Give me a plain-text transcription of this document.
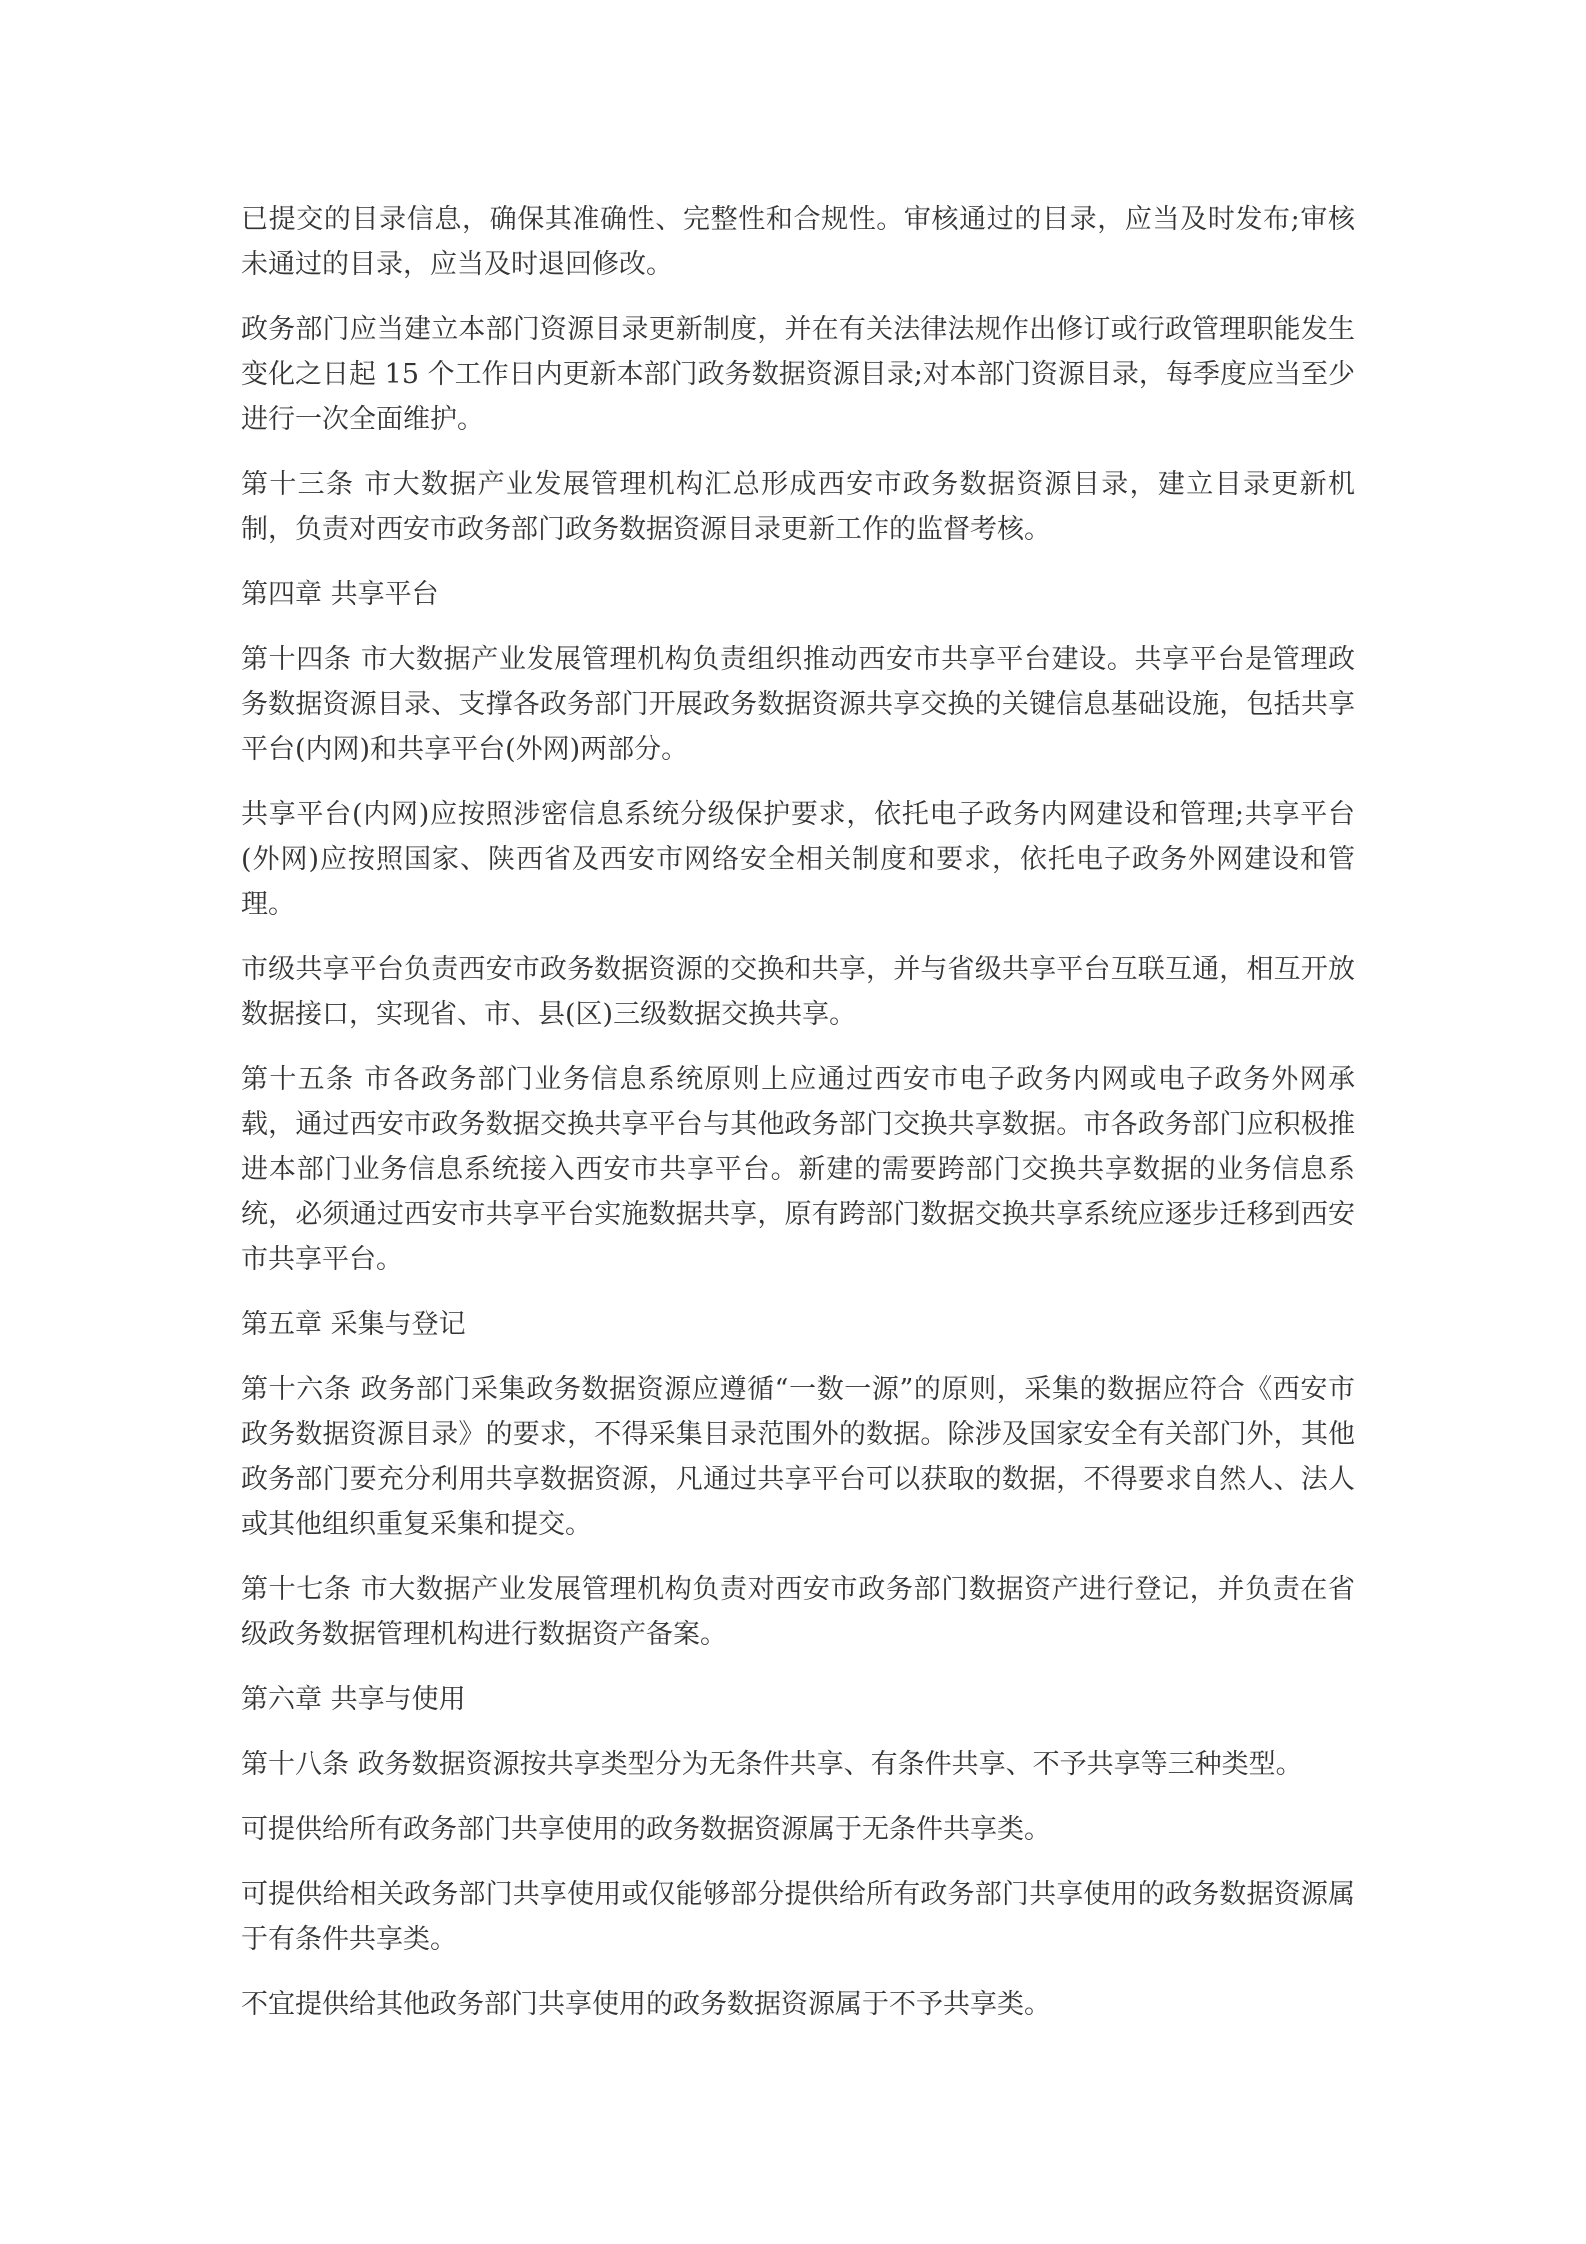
已提交的目录信息，确保其准确性、完整性和合规性。审核通过的目录，应当及时发布;审核未通过的目录，应当及时退回修改。

政务部门应当建立本部门资源目录更新制度，并在有关法律法规作出修订或行政管理职能发生变化之日起 15 个工作日内更新本部门政务数据资源目录;对本部门资源目录，每季度应当至少进行一次全面维护。

第十三条 市大数据产业发展管理机构汇总形成西安市政务数据资源目录，建立目录更新机制，负责对西安市政务部门政务数据资源目录更新工作的监督考核。

第四章 共享平台

第十四条 市大数据产业发展管理机构负责组织推动西安市共享平台建设。共享平台是管理政务数据资源目录、支撑各政务部门开展政务数据资源共享交换的关键信息基础设施，包括共享平台(内网)和共享平台(外网)两部分。

共享平台(内网)应按照涉密信息系统分级保护要求，依托电子政务内网建设和管理;共享平台(外网)应按照国家、陕西省及西安市网络安全相关制度和要求，依托电子政务外网建设和管理。

市级共享平台负责西安市政务数据资源的交换和共享，并与省级共享平台互联互通，相互开放数据接口，实现省、市、县(区)三级数据交换共享。

第十五条 市各政务部门业务信息系统原则上应通过西安市电子政务内网或电子政务外网承载，通过西安市政务数据交换共享平台与其他政务部门交换共享数据。市各政务部门应积极推进本部门业务信息系统接入西安市共享平台。新建的需要跨部门交换共享数据的业务信息系统，必须通过西安市共享平台实施数据共享，原有跨部门数据交换共享系统应逐步迁移到西安市共享平台。

第五章 采集与登记

第十六条 政务部门采集政务数据资源应遵循“一数一源”的原则，采集的数据应符合《西安市政务数据资源目录》的要求，不得采集目录范围外的数据。除涉及国家安全有关部门外，其他政务部门要充分利用共享数据资源，凡通过共享平台可以获取的数据，不得要求自然人、法人或其他组织重复采集和提交。

第十七条 市大数据产业发展管理机构负责对西安市政务部门数据资产进行登记，并负责在省级政务数据管理机构进行数据资产备案。

第六章 共享与使用

第十八条 政务数据资源按共享类型分为无条件共享、有条件共享、不予共享等三种类型。

可提供给所有政务部门共享使用的政务数据资源属于无条件共享类。

可提供给相关政务部门共享使用或仅能够部分提供给所有政务部门共享使用的政务数据资源属于有条件共享类。

不宜提供给其他政务部门共享使用的政务数据资源属于不予共享类。
